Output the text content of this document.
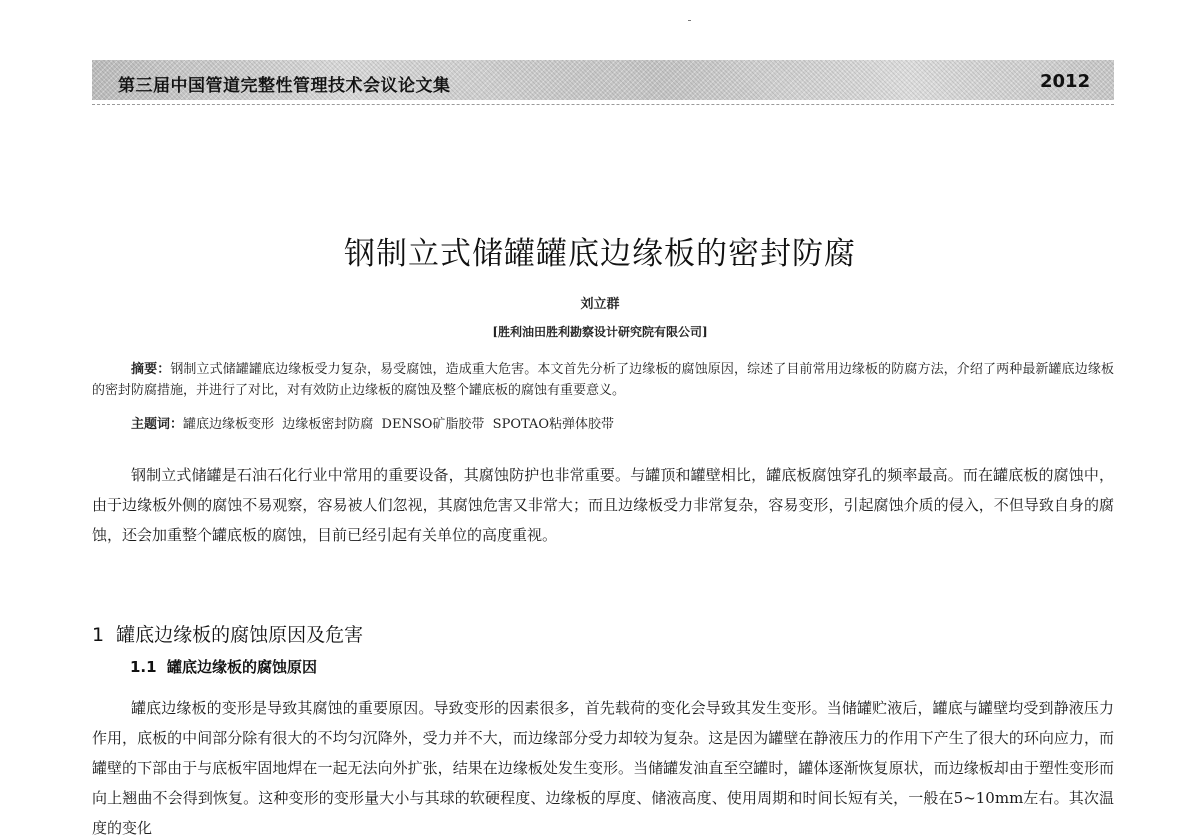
第三届中国管道完整性管理技术会议论文集	2012
钢制立式储罐罐底边缘板的密封防腐
刘立群
[胜利油田胜利勘察设计研究院有限公司]
摘要：钢制立式储罐罐底边缘板受力复杂，易受腐蚀，造成重大危害。本文首先分析了边缘板的腐蚀原因，综述了目前常用边缘板的防腐方法，介绍了两种最新罐底边缘板的密封防腐措施，并进行了对比，对有效防止边缘板的腐蚀及整个罐底板的腐蚀有重要意义。
主题词：罐底边缘板变形  边缘板密封防腐  DENSO矿脂胶带  SPOTAO粘弹体胶带

钢制立式储罐是石油石化行业中常用的重要设备，其腐蚀防护也非常重要。与罐顶和罐壁相比，罐底板腐蚀穿孔的频率最高。而在罐底板的腐蚀中，由于边缘板外侧的腐蚀不易观察，容易被人们忽视，其腐蚀危害又非常大；而且边缘板受力非常复杂，容易变形，引起腐蚀介质的侵入，不但导致自身的腐蚀，还会加重整个罐底板的腐蚀，目前已经引起有关单位的高度重视。

1  罐底边缘板的腐蚀原因及危害
1.1  罐底边缘板的腐蚀原因

罐底边缘板的变形是导致其腐蚀的重要原因。导致变形的因素很多，首先载荷的变化会导致其发生变形。当储罐贮液后，罐底与罐壁均受到静液压力作用，底板的中间部分除有很大的不均匀沉降外，受力并不大，而边缘部分受力却较为复杂。这是因为罐壁在静液压力的作用下产生了很大的环向应力，而罐壁的下部由于与底板牢固地焊在一起无法向外扩张，结果在边缘板处发生变形。当储罐发油直至空罐时，罐体逐渐恢复原状，而边缘板却由于塑性变形而向上翘曲不会得到恢复。这种变形的变形量大小与其球的软硬程度、边缘板的厚度、储液高度、使用周期和时间长短有关，一般在5~10mm左右。其次温度的变化
